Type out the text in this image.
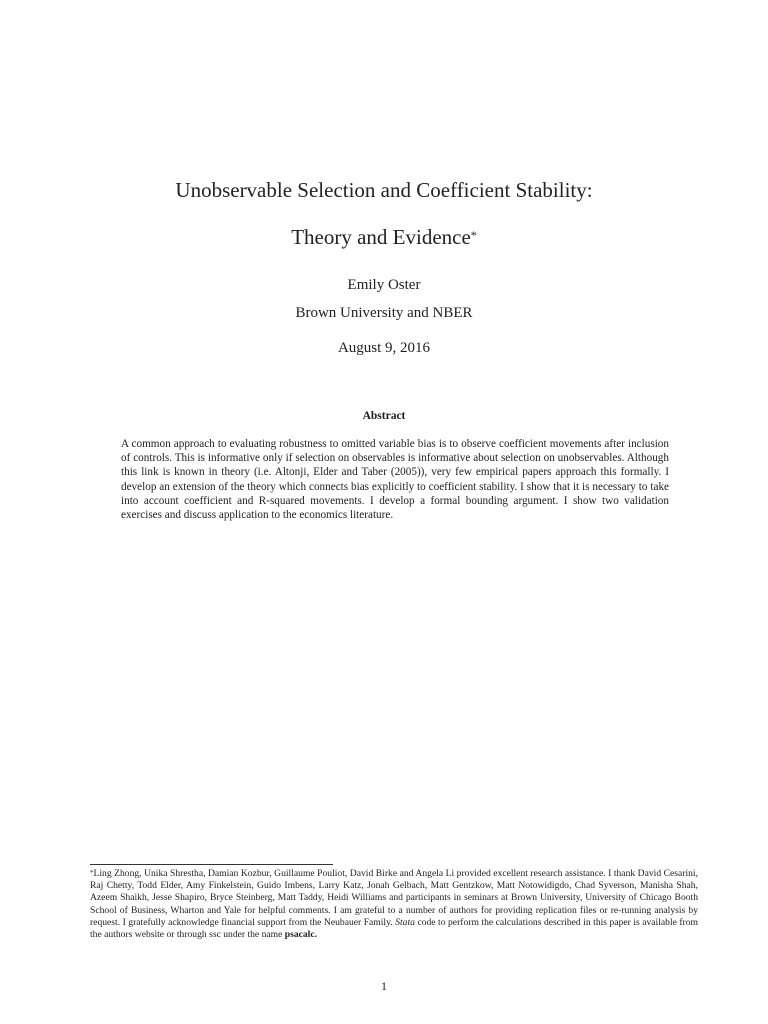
Unobservable Selection and Coefficient Stability:
Theory and Evidence*
Emily Oster
Brown University and NBER
August 9, 2016
Abstract
A common approach to evaluating robustness to omitted variable bias is to observe coefficient movements after inclusion of controls. This is informative only if selection on observables is informative about selection on unobservables. Although this link is known in theory (i.e. Altonji, Elder and Taber (2005)), very few empirical papers approach this formally. I develop an extension of the theory which connects bias explicitly to coefficient stability. I show that it is necessary to take into account coefficient and R-squared movements. I develop a formal bounding argument. I show two validation exercises and discuss application to the economics literature.
*Ling Zhong, Unika Shrestha, Damian Kozbur, Guillaume Pouliot, David Birke and Angela Li provided excellent research assistance. I thank David Cesarini, Raj Chetty, Todd Elder, Amy Finkelstein, Guido Imbens, Larry Katz, Jonah Gelbach, Matt Gentzkow, Matt Notowidigdo, Chad Syverson, Manisha Shah, Azeem Shaikh, Jesse Shapiro, Bryce Steinberg, Matt Taddy, Heidi Williams and participants in seminars at Brown University, University of Chicago Booth School of Business, Wharton and Yale for helpful comments. I am grateful to a number of authors for providing replication files or re-running analysis by request. I gratefully acknowledge financial support from the Neubauer Family. Stata code to perform the calculations described in this paper is available from the authors website or through ssc under the name psacalc.
1
